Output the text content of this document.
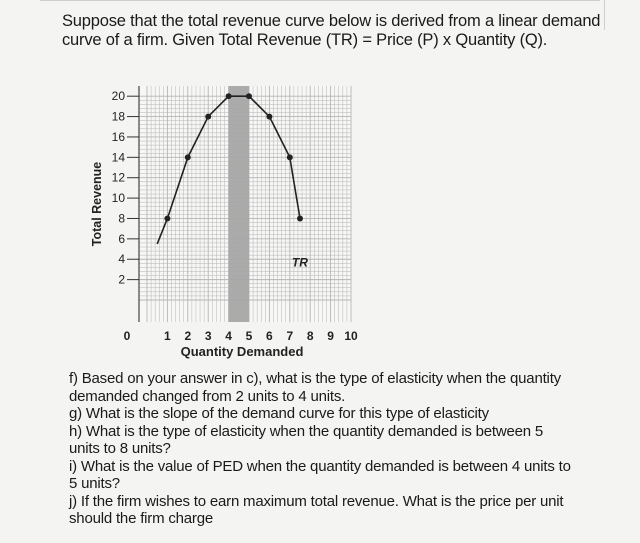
Suppose that the total revenue curve below is derived from a linear demand
curve of a firm. Given Total Revenue (TR) = Price (P) x Quantity (Q).
2
4
6
8
10
12
14
16
18
20
1 2 3 4 5 6 7 8 9 10
0
Quantity Demanded
Total Revenue
TR
f) Based on your answer in c), what is the type of elasticity when the quantity
demanded changed from 2 units to 4 units.
g) What is the slope of the demand curve for this type of elasticity
h) What is the type of elasticity when the quantity demanded is between 5
units to 8 units?
i) What is the value of PED when the quantity demanded is between 4 units to
5 units?
j) If the firm wishes to earn maximum total revenue. What is the price per unit
should the firm charge
